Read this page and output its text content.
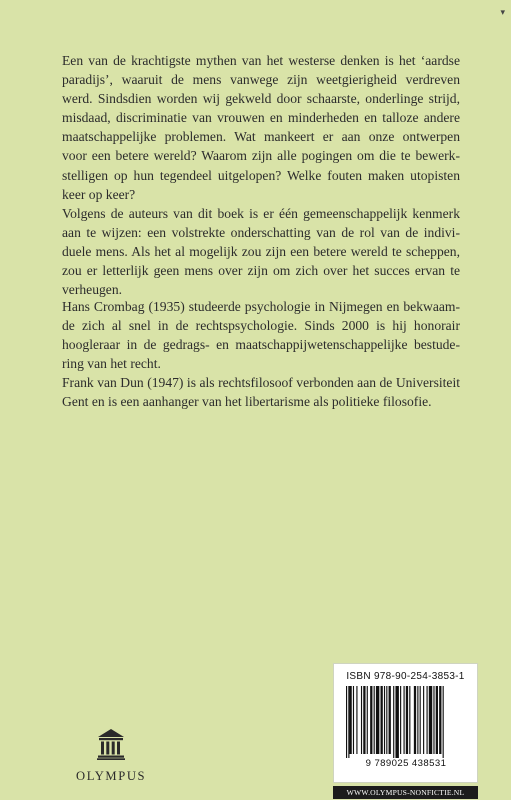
▾

Een van de krachtigste mythen van het westerse denken is het ‘aardse
paradijs’, waaruit de mens vanwege zijn weetgierigheid verdreven
werd. Sindsdien worden wij gekweld door schaarste, onderlinge strijd,
misdaad, discriminatie van vrouwen en minderheden en talloze andere
maatschappelijke problemen. Wat mankeert er aan onze ontwerpen
voor een betere wereld? Waarom zijn alle pogingen om die te bewerk-
stelligen op hun tegendeel uitgelopen? Welke fouten maken utopisten
keer op keer?

Volgens de auteurs van dit boek is er één gemeenschappelijk kenmerk
aan te wijzen: een volstrekte onderschatting van de rol van de indivi-
duele mens. Als het al mogelijk zou zijn een betere wereld te scheppen,
zou er letterlijk geen mens over zijn om zich over het succes ervan te
verheugen.

Hans Crombag (1935) studeerde psychologie in Nijmegen en bekwaam-
de zich al snel in de rechtspsychologie. Sinds 2000 is hij honorair
hoogleraar in de gedrags- en maatschappijwetenschappelijke bestude-
ring van het recht.

Frank van Dun (1947) is als rechtsfilosoof verbonden aan de Universiteit
Gent en is een aanhanger van het libertarisme als politieke filosofie.

OLYMPUS
ISBN 978-90-254-3853-1
9 789025 438531
WWW.OLYMPUS-NONFICTIE.NL
